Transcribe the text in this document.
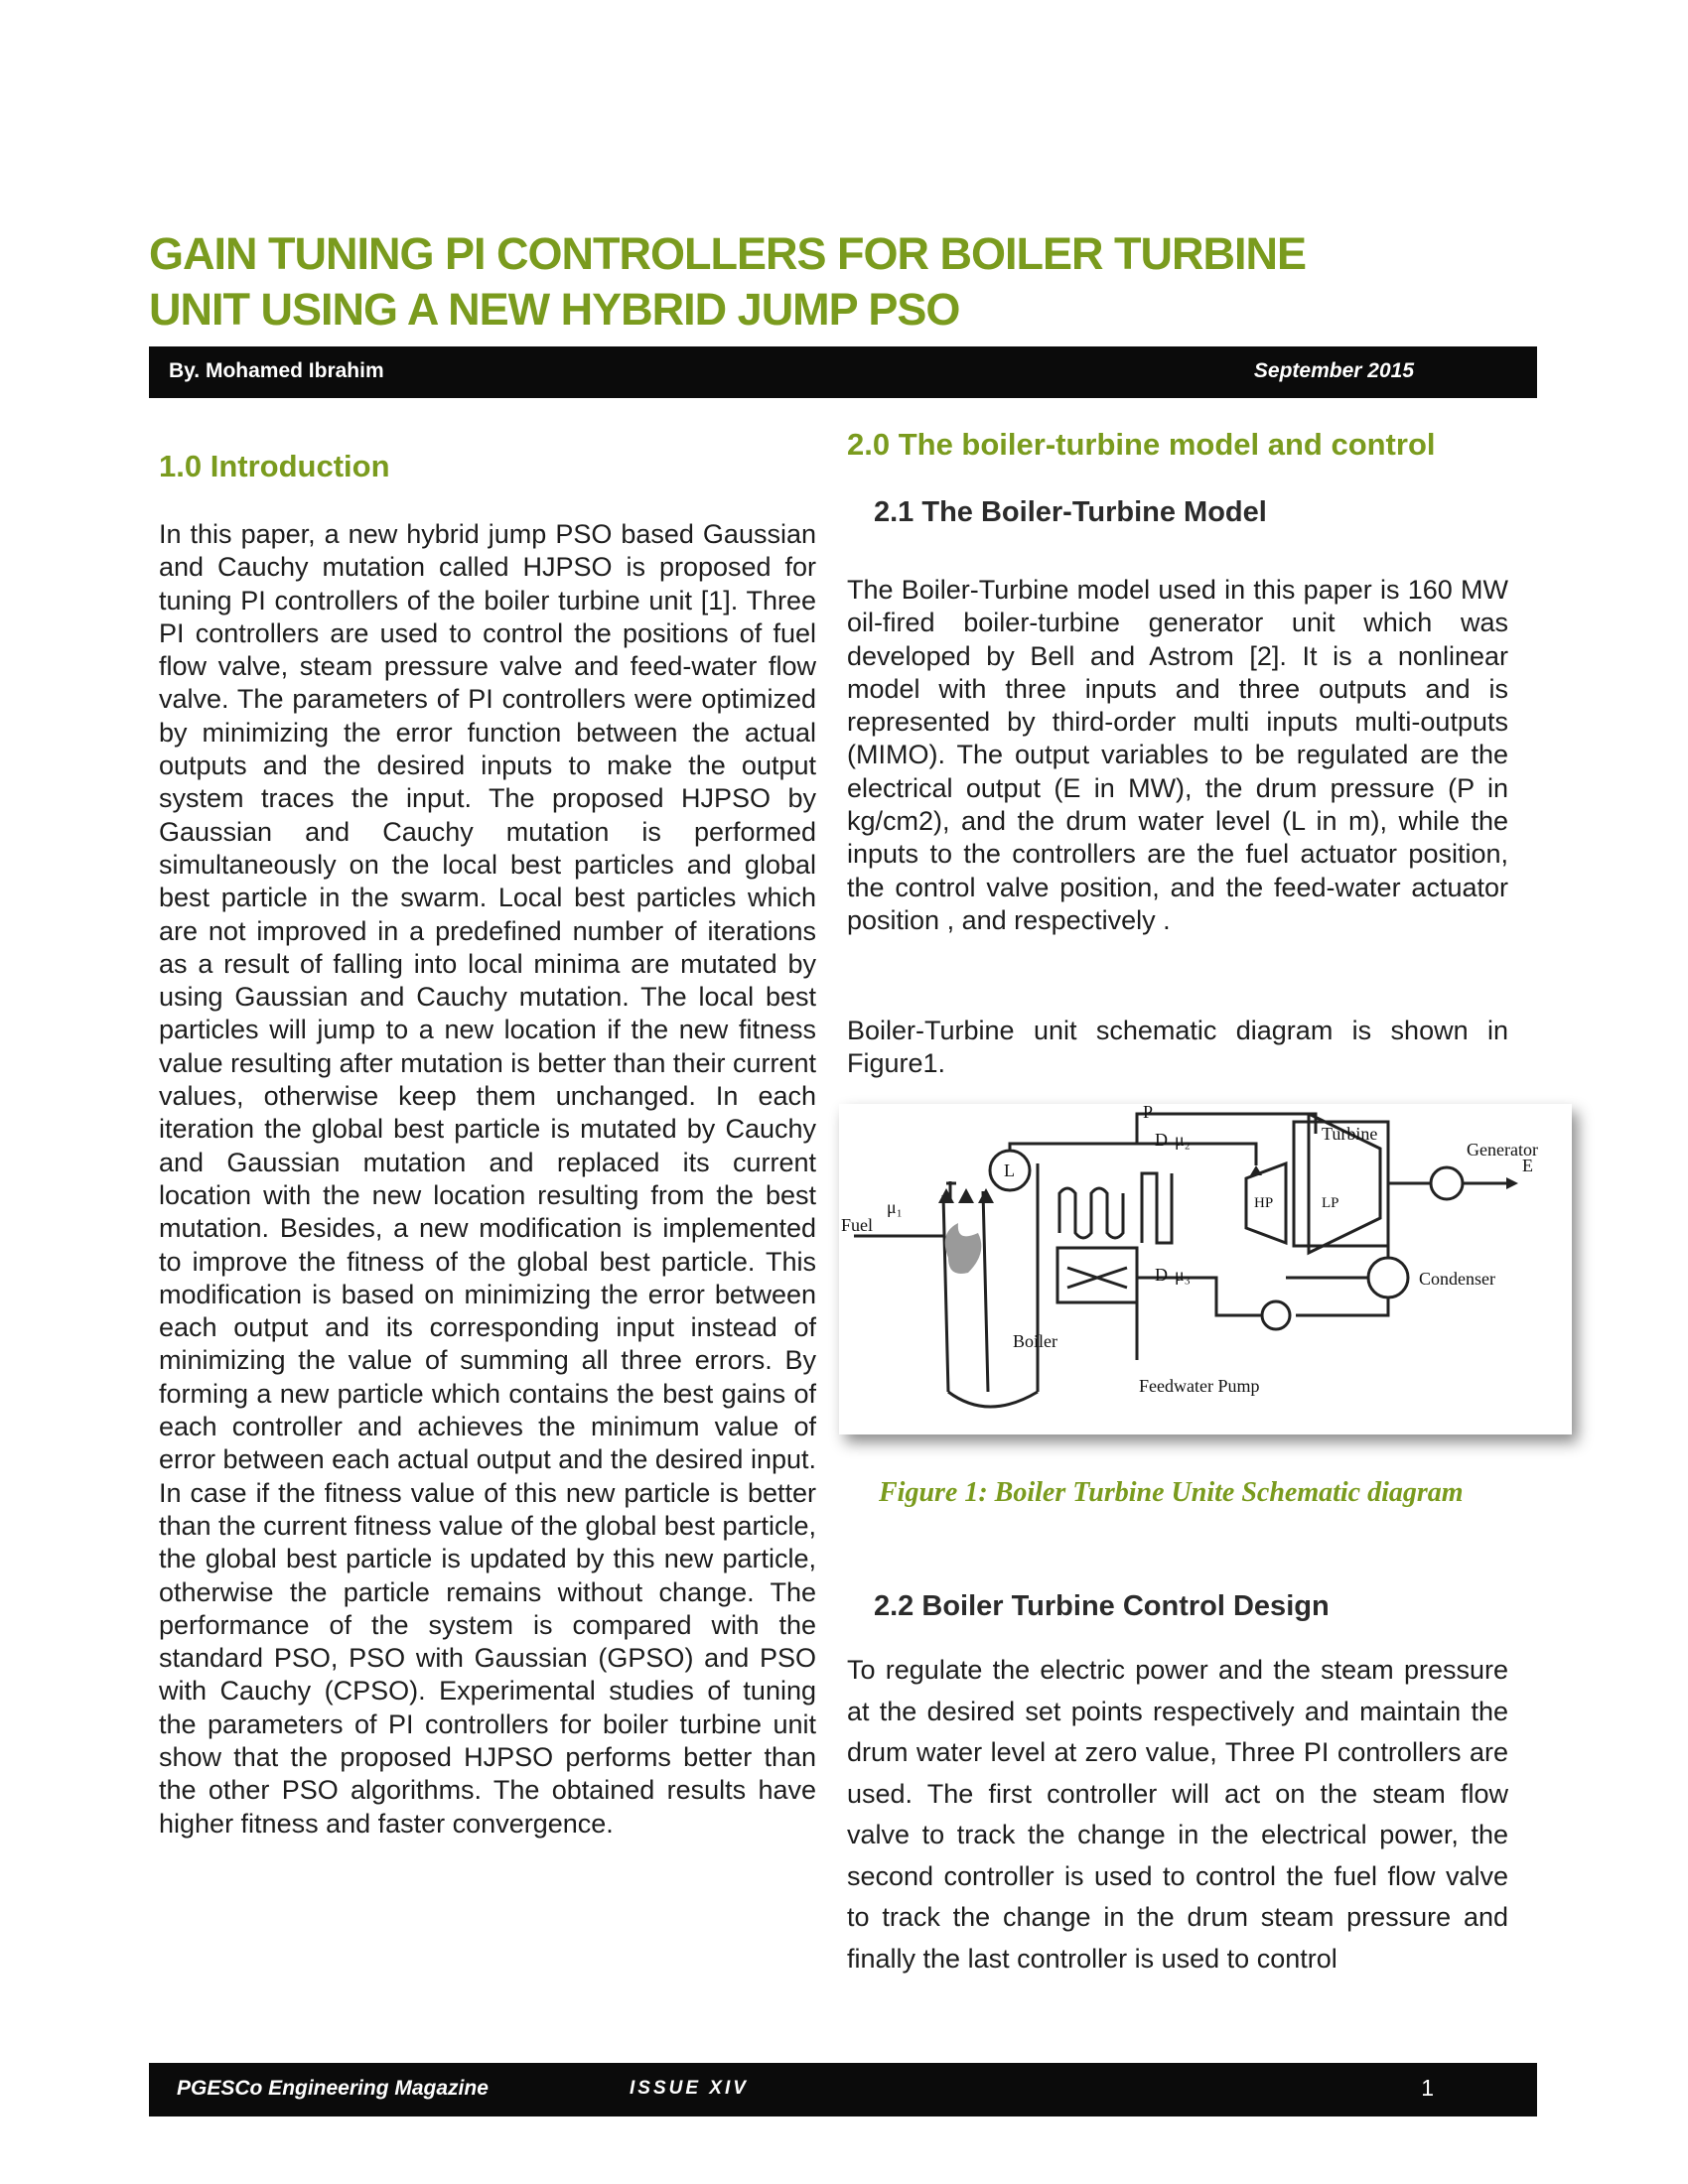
GAIN TUNING PI CONTROLLERS FOR BOILER TURBINE
UNIT USING A NEW HYBRID JUMP PSO
By. Mohamed Ibrahim	September 2015
1.0 Introduction

In this paper, a new hybrid jump PSO based Gaussian and Cauchy mutation called HJPSO is proposed for tuning PI controllers of the boiler turbine unit [1]. Three PI controllers are used to control the positions of fuel flow valve, steam pressure valve and feed-water flow valve. The parameters of PI controllers were optimized by minimizing the error function between the actual outputs and the desired inputs to make the output system traces the input. The proposed HJPSO by Gaussian and Cauchy mutation is performed simultaneously on the local best particles and global best particle in the swarm. Local best particles which are not improved in a predefined number of iterations as a result of falling into local minima are mutated by using Gaussian and Cauchy mutation. The local best particles will jump to a new location if the new fitness value resulting after mutation is better than their current values, otherwise keep them unchanged. In each iteration the global best particle is mutated by Cauchy and Gaussian mutation and replaced its current location with the new location resulting from the best mutation. Besides, a new modification is implemented to improve the fitness of the global best particle. This modification is based on minimizing the error between each output and its corresponding input instead of minimizing the value of summing all three errors. By forming a new particle which contains the best gains of each controller and achieves the minimum value of error between each actual output and the desired input. In case if the fitness value of this new particle is better than the current fitness value of the global best particle, the global best particle is updated by this new particle, otherwise the particle remains without change. The performance of the system is compared with the standard PSO, PSO with Gaussian (GPSO) and PSO with Cauchy (CPSO). Experimental studies of tuning the parameters of PI controllers for boiler turbine unit show that the proposed HJPSO performs better than the other PSO algorithms. The obtained results have higher fitness and faster convergence.

2.0 The boiler-turbine model and control
2.1 The Boiler-Turbine Model

The Boiler-Turbine model used in this paper is 160 MW oil-fired boiler-turbine generator unit which was developed by Bell and Astrom [2]. It is a nonlinear model with three inputs and three outputs and is represented by third-order multi inputs multi-outputs (MIMO). The output variables to be regulated are the electrical output (E in MW), the drum pressure (P in kg/cm2), and the drum water level (L in m), while the inputs to the controllers are the fuel actuator position, the control valve position, and the feed-water actuator position , and respectively .

Boiler-Turbine unit schematic diagram is shown in Figure1.

P
L
D μ₂
μ₁
D μ₃
Turbine
Generator
E
HP	LP
Fuel
Condenser
Boiler
Feedwater Pump

Figure 1: Boiler Turbine Unite Schematic diagram

2.2 Boiler Turbine Control Design

To regulate the electric power and the steam pressure at the desired set points respectively and maintain the drum water level at zero value, Three PI controllers are used. The first controller will act on the steam flow valve to track the change in the electrical power, the second controller is used to control the fuel flow valve to track the change in the drum steam pressure and finally the last controller is used to control

PGESCo Engineering Magazine	ISSUE XIV	1
